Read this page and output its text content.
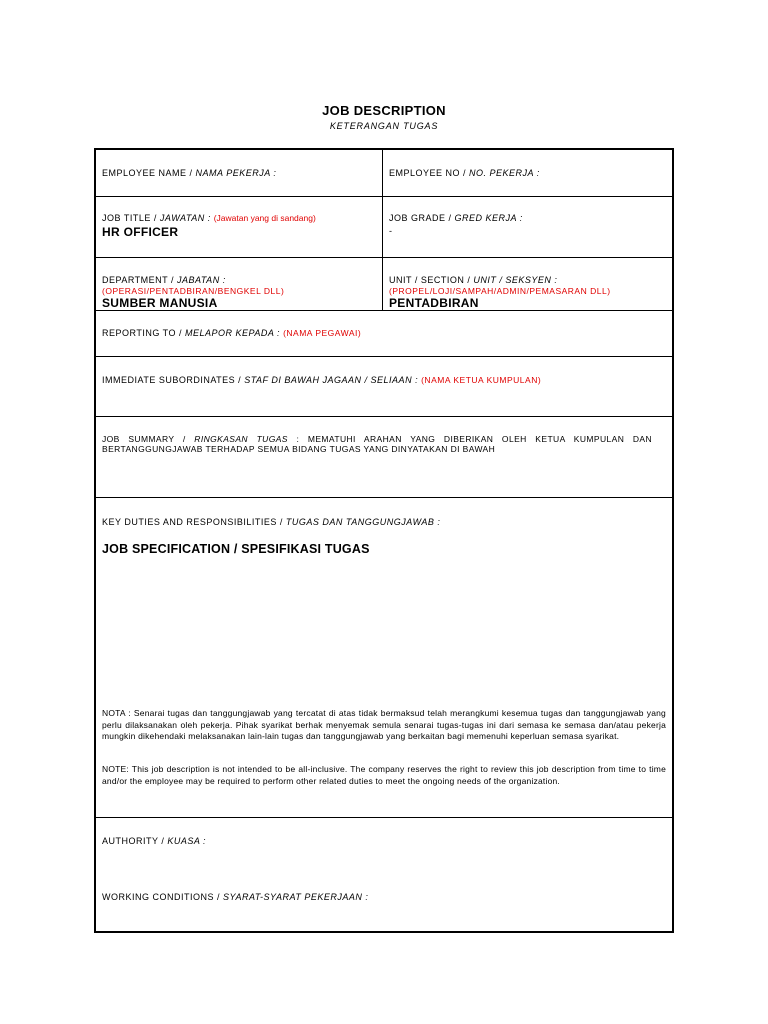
JOB DESCRIPTION
KETERANGAN TUGAS
EMPLOYEE NAME / NAMA PEKERJA :	EMPLOYEE NO / NO. PEKERJA :
JOB TITLE / JAWATAN : (Jawatan yang di sandang)
HR OFFICER
JOB GRADE / GRED KERJA :
-
DEPARTMENT / JABATAN :
(OPERASI/PENTADBIRAN/BENGKEL DLL)
SUMBER MANUSIA
UNIT / SECTION / UNIT / SEKSYEN :
(PROPEL/LOJI/SAMPAH/ADMIN/PEMASARAN DLL)
PENTADBIRAN
REPORTING TO / MELAPOR KEPADA : (NAMA PEGAWAI)
IMMEDIATE SUBORDINATES / STAF DI BAWAH JAGAAN / SELIAAN : (NAMA KETUA KUMPULAN)
JOB SUMMARY / RINGKASAN TUGAS : MEMATUHI ARAHAN YANG DIBERIKAN OLEH KETUA KUMPULAN DAN BERTANGGUNGJAWAB TERHADAP SEMUA BIDANG TUGAS YANG DINYATAKAN DI BAWAH
KEY DUTIES AND RESPONSIBILITIES / TUGAS DAN TANGGUNGJAWAB :
JOB SPECIFICATION / SPESIFIKASI TUGAS
NOTA : Senarai tugas dan tanggungjawab yang tercatat di atas tidak bermaksud telah merangkumi kesemua tugas dan tanggungjawab yang perlu dilaksanakan oleh pekerja. Pihak syarikat berhak menyemak semula senarai tugas-tugas ini dari semasa ke semasa dan/atau pekerja mungkin dikehendaki melaksanakan lain-lain tugas dan tanggungjawab yang berkaitan bagi memenuhi keperluan semasa syarikat.
NOTE: This job description is not intended to be all-inclusive. The company reserves the right to review this job description from time to time and/or the employee may be required to perform other related duties to meet the ongoing needs of the organization.
AUTHORITY / KUASA :
WORKING CONDITIONS / SYARAT-SYARAT PEKERJAAN :
